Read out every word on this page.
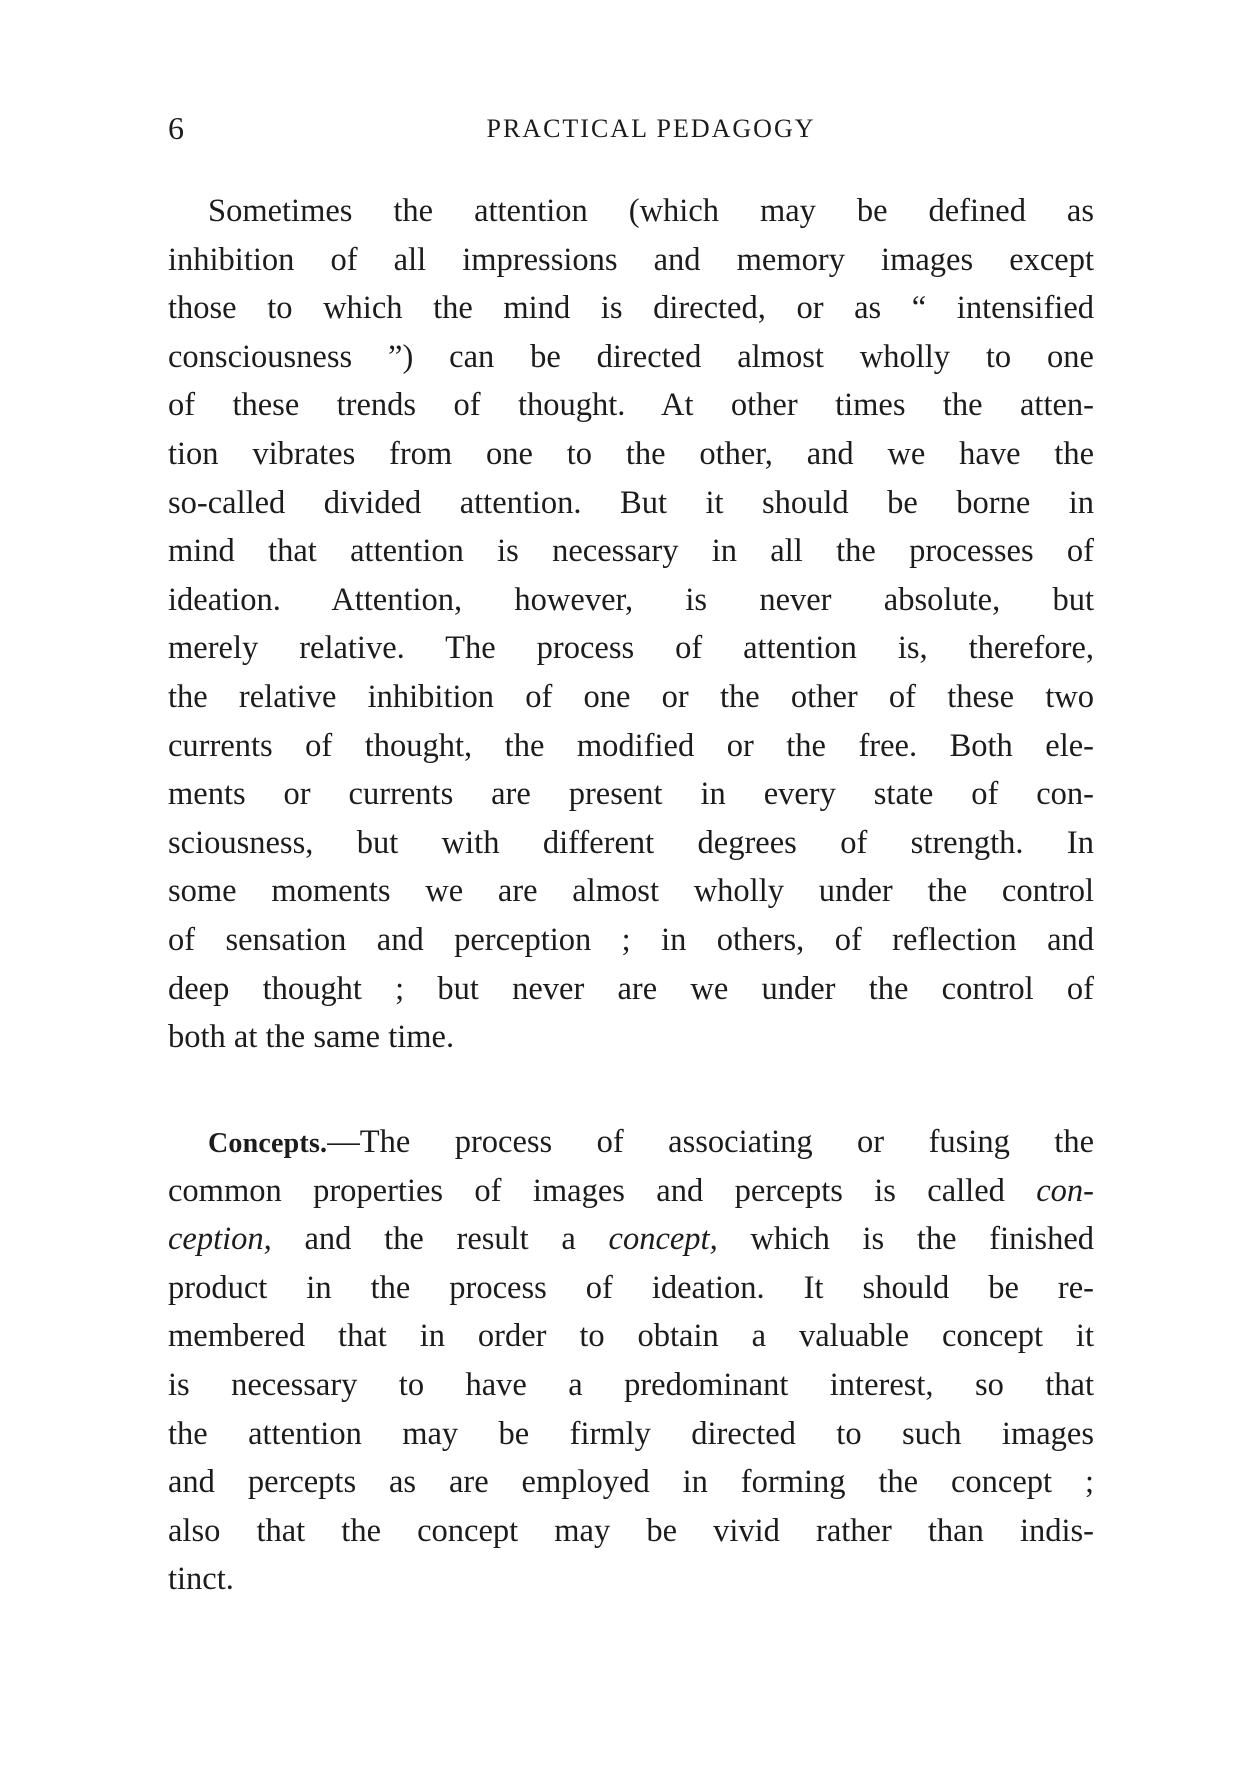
6	PRACTICAL PEDAGOGY
Sometimes the attention (which may be defined as
inhibition of all impressions and memory images except
those to which the mind is directed, or as “ intensified
consciousness ”) can be directed almost wholly to one
of these trends of thought. At other times the atten-
tion vibrates from one to the other, and we have the
so-called divided attention. But it should be borne in
mind that attention is necessary in all the processes of
ideation. Attention, however, is never absolute, but
merely relative. The process of attention is, therefore,
the relative inhibition of one or the other of these two
currents of thought, the modified or the free. Both ele-
ments or currents are present in every state of con-
sciousness, but with different degrees of strength. In
some moments we are almost wholly under the control
of sensation and perception ; in others, of reflection and
deep thought ; but never are we under the control of
both at the same time.
Concepts.—The process of associating or fusing the
common properties of images and percepts is called con-
ception, and the result a concept, which is the finished
product in the process of ideation. It should be re-
membered that in order to obtain a valuable concept it
is necessary to have a predominant interest, so that
the attention may be firmly directed to such images
and percepts as are employed in forming the concept ;
also that the concept may be vivid rather than indis-
tinct.
